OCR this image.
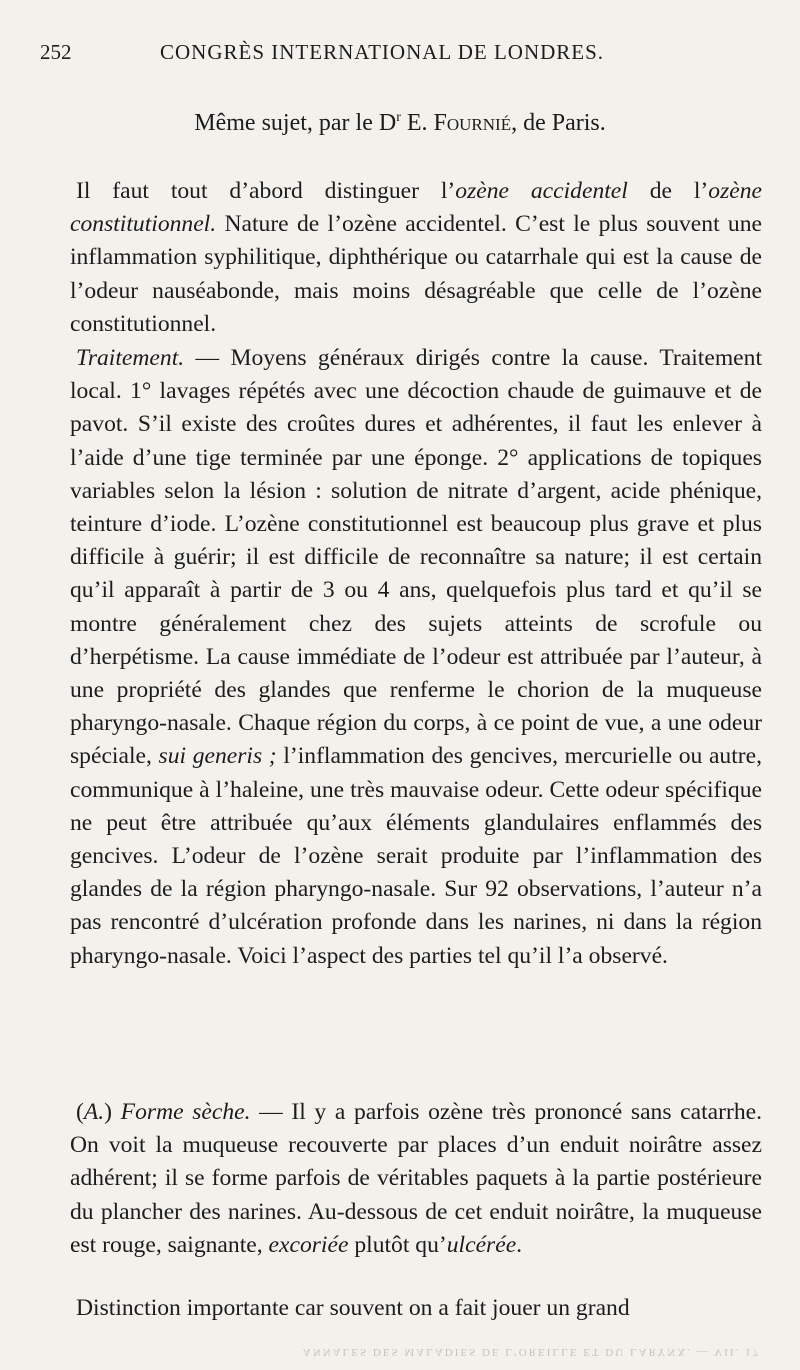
252	CONGRÈS INTERNATIONAL DE LONDRES.
Même sujet, par le $D^r$ E. Fournié, de Paris.

Il faut tout d’abord distinguer l’ozène accidentel de l’ozène constitutionnel. Nature de l’ozène accidentel. C’est le plus souvent une inflammation syphilitique, diphthérique ou catarrhale qui est la cause de l’odeur nauséabonde, mais moins désagréable que celle de l’ozène constitutionnel.

Traitement. — Moyens généraux dirigés contre la cause. Traitement local. 1° lavages répétés avec une décoction chaude de guimauve et de pavot. S’il existe des croûtes dures et adhérentes, il faut les enlever à l’aide d’une tige terminée par une éponge. 2° applications de topiques variables selon la lésion : solution de nitrate d’argent, acide phénique, teinture d’iode. L’ozène constitutionnel est beaucoup plus grave et plus difficile à guérir; il est difficile de reconnaître sa nature; il est certain qu’il apparaît à partir de 3 ou 4 ans, quelquefois plus tard et qu’il se montre généralement chez des sujets atteints de scrofule ou d’herpétisme. La cause immédiate de l’odeur est attribuée par l’auteur, à une propriété des glandes que renferme le chorion de la muqueuse pharyngo-nasale. Chaque région du corps, à ce point de vue, a une odeur spéciale, sui generis ; l’inflammation des gencives, mercurielle ou autre, communique à l’haleine, une très mauvaise odeur. Cette odeur spécifique ne peut être attribuée qu’aux éléments glandulaires enflammés des gencives. L’odeur de l’ozène serait produite par l’inflammation des glandes de la région pharyngo-nasale. Sur 92 observations, l’auteur n’a pas rencontré d’ulcération profonde dans les narines, ni dans la région pharyngo-nasale. Voici l’aspect des parties tel qu’il l’a observé.

(A.) Forme sèche. — Il y a parfois ozène très prononcé sans catarrhe. On voit la muqueuse recouverte par places d’un enduit noirâtre assez adhérent; il se forme parfois de véritables paquets à la partie postérieure du plancher des narines. Au-dessous de cet enduit noirâtre, la muqueuse est rouge, saignante, excoriée plutôt qu’ulcérée.

Distinction importante car souvent on a fait jouer un grand

ANNALES DES MALADIES DE L’OREILLE ET DU LARYNX. — VII. 17
